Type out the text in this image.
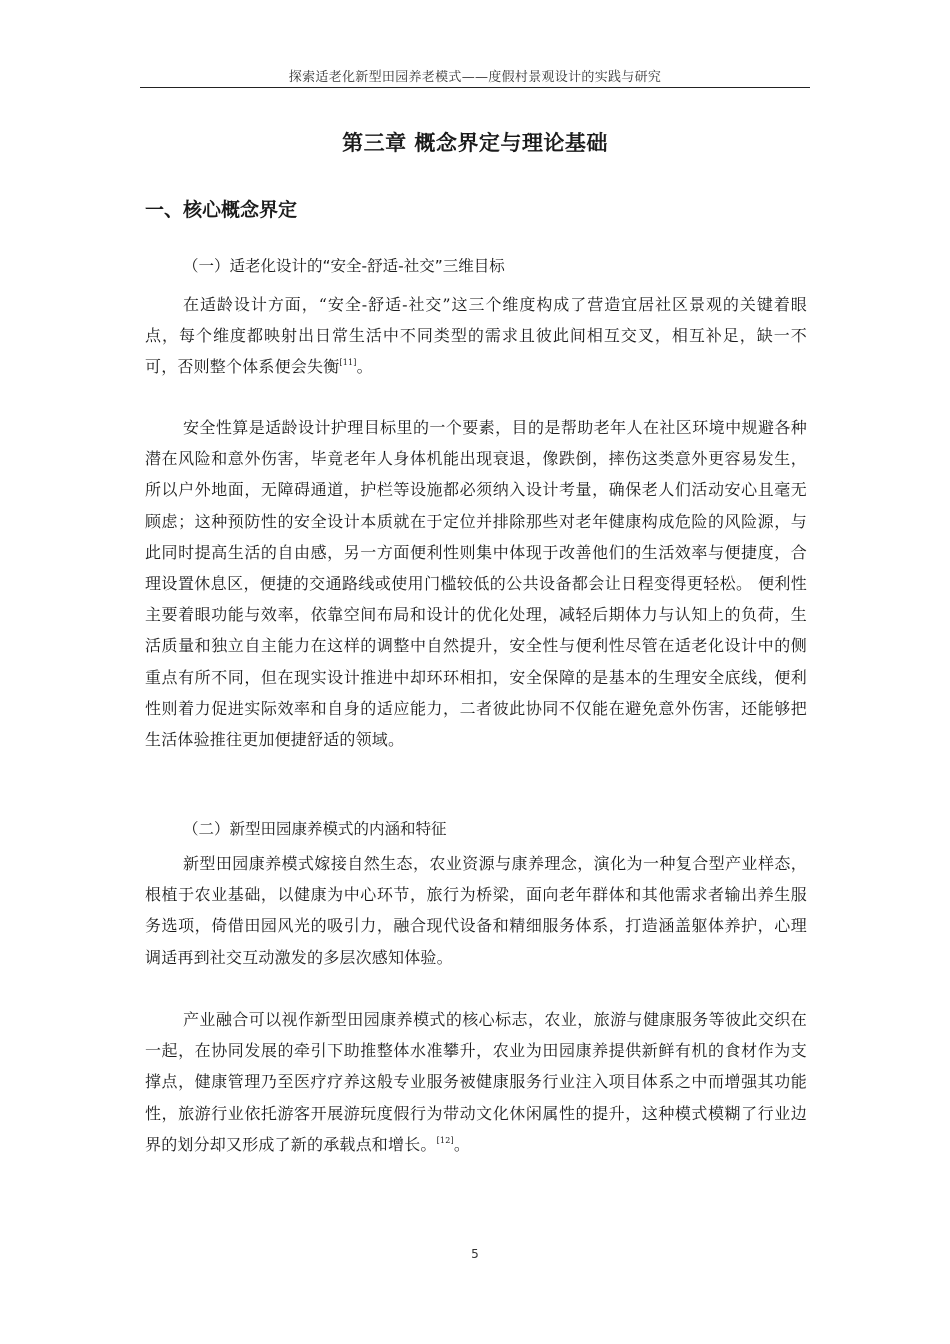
探索适老化新型田园养老模式——度假村景观设计的实践与研究
第三章 概念界定与理论基础
一、核心概念界定
（一）适老化设计的“安全-舒适-社交”三维目标

在适龄设计方面，“安全-舒适-社交”这三个维度构成了营造宜居社区景观的关键着眼点，每个维度都映射出日常生活中不同类型的需求且彼此间相互交叉，相互补足，缺一不可，否则整个体系便会失衡[11]。

安全性算是适龄设计护理目标里的一个要素，目的是帮助老年人在社区环境中规避各种潜在风险和意外伤害，毕竟老年人身体机能出现衰退，像跌倒，摔伤这类意外更容易发生，所以户外地面，无障碍通道，护栏等设施都必须纳入设计考量，确保老人们活动安心且毫无顾虑；这种预防性的安全设计本质就在于定位并排除那些对老年健康构成危险的风险源，与此同时提高生活的自由感，另一方面便利性则集中体现于改善他们的生活效率与便捷度，合理设置休息区，便捷的交通路线或使用门槛较低的公共设备都会让日程变得更轻松。 便利性主要着眼功能与效率，依靠空间布局和设计的优化处理，减轻后期体力与认知上的负荷，生活质量和独立自主能力在这样的调整中自然提升，安全性与便利性尽管在适老化设计中的侧重点有所不同，但在现实设计推进中却环环相扣，安全保障的是基本的生理安全底线，便利性则着力促进实际效率和自身的适应能力，二者彼此协同不仅能在避免意外伤害，还能够把生活体验推往更加便捷舒适的领域。

（二）新型田园康养模式的内涵和特征

新型田园康养模式嫁接自然生态，农业资源与康养理念，演化为一种复合型产业样态，根植于农业基础，以健康为中心环节，旅行为桥梁，面向老年群体和其他需求者输出养生服务选项，倚借田园风光的吸引力，融合现代设备和精细服务体系，打造涵盖躯体养护，心理调适再到社交互动激发的多层次感知体验。

产业融合可以视作新型田园康养模式的核心标志，农业，旅游与健康服务等彼此交织在一起，在协同发展的牵引下助推整体水准攀升，农业为田园康养提供新鲜有机的食材作为支撑点，健康管理乃至医疗疗养这般专业服务被健康服务行业注入项目体系之中而增强其功能性，旅游行业依托游客开展游玩度假行为带动文化休闲属性的提升，这种模式模糊了行业边界的划分却又形成了新的承载点和增长。[12]。

5
